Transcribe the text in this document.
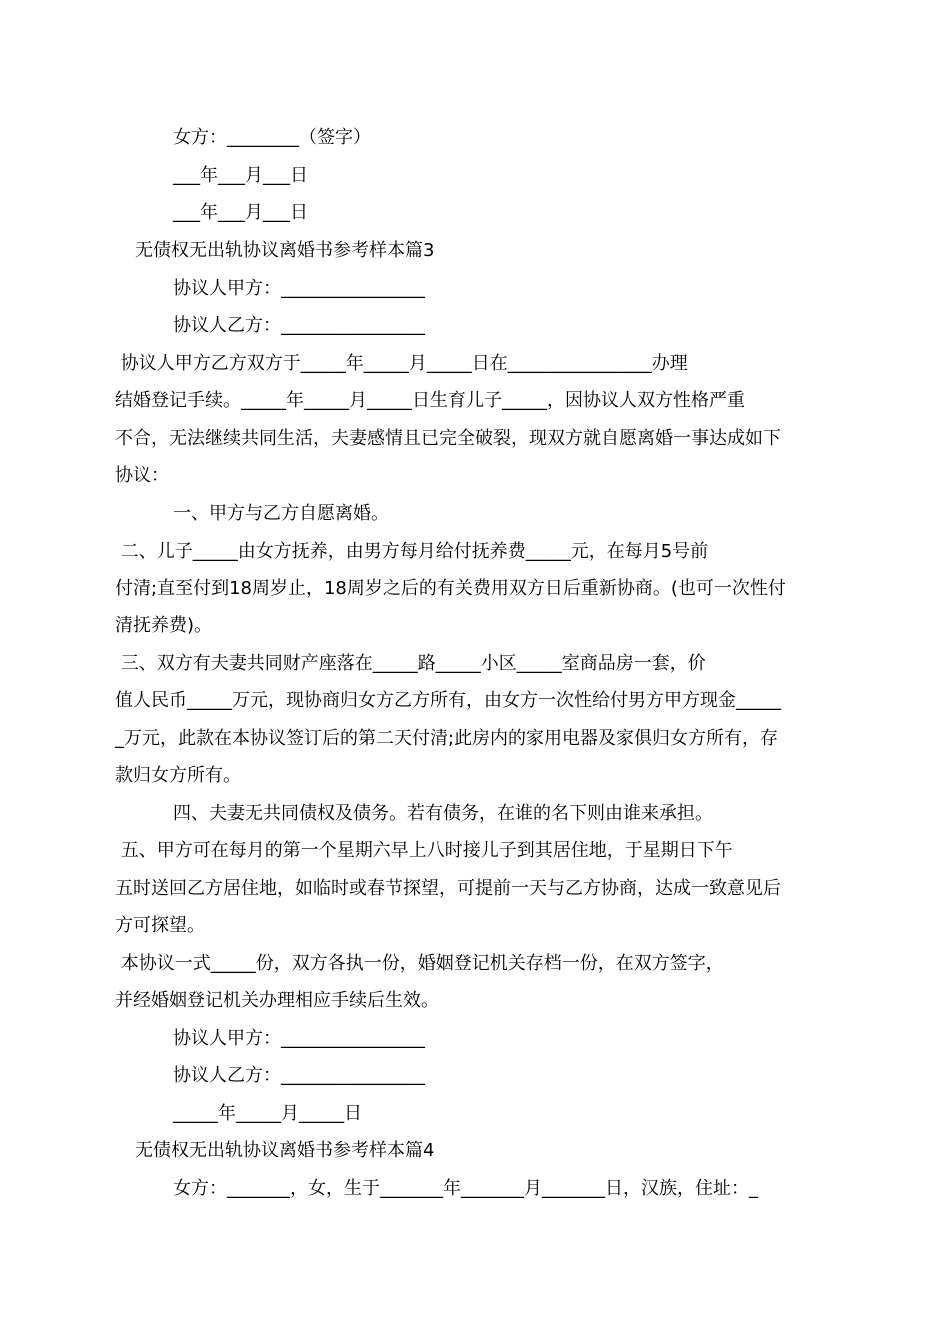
女方：________（签字）
___年___月___日
___年___月___日
无债权无出轨协议离婚书参考样本篇3
协议人甲方：________________
协议人乙方：________________
协议人甲方乙方双方于_____年_____月_____日在________________办理
结婚登记手续。_____年_____月_____日生育儿子_____，因协议人双方性格严重
不合，无法继续共同生活，夫妻感情且已完全破裂，现双方就自愿离婚一事达成如下
协议：
一、甲方与乙方自愿离婚。
二、儿子_____由女方抚养，由男方每月给付抚养费_____元，在每月5号前
付清;直至付到18周岁止，18周岁之后的有关费用双方日后重新协商。(也可一次性付
清抚养费)。
三、双方有夫妻共同财产座落在_____路_____小区_____室商品房一套，价
值人民币_____万元，现协商归女方乙方所有，由女方一次性给付男方甲方现金_____
_万元，此款在本协议签订后的第二天付清;此房内的家用电器及家俱归女方所有，存
款归女方所有。
四、夫妻无共同债权及债务。若有债务，在谁的名下则由谁来承担。
五、甲方可在每月的第一个星期六早上八时接儿子到其居住地，于星期日下午
五时送回乙方居住地，如临时或春节探望，可提前一天与乙方协商，达成一致意见后
方可探望。
本协议一式_____份，双方各执一份，婚姻登记机关存档一份，在双方签字，
并经婚姻登记机关办理相应手续后生效。
协议人甲方：________________
协议人乙方：________________
_____年_____月_____日
无债权无出轨协议离婚书参考样本篇4
女方：_______，女，生于_______年_______月_______日，汉族，住址：_
